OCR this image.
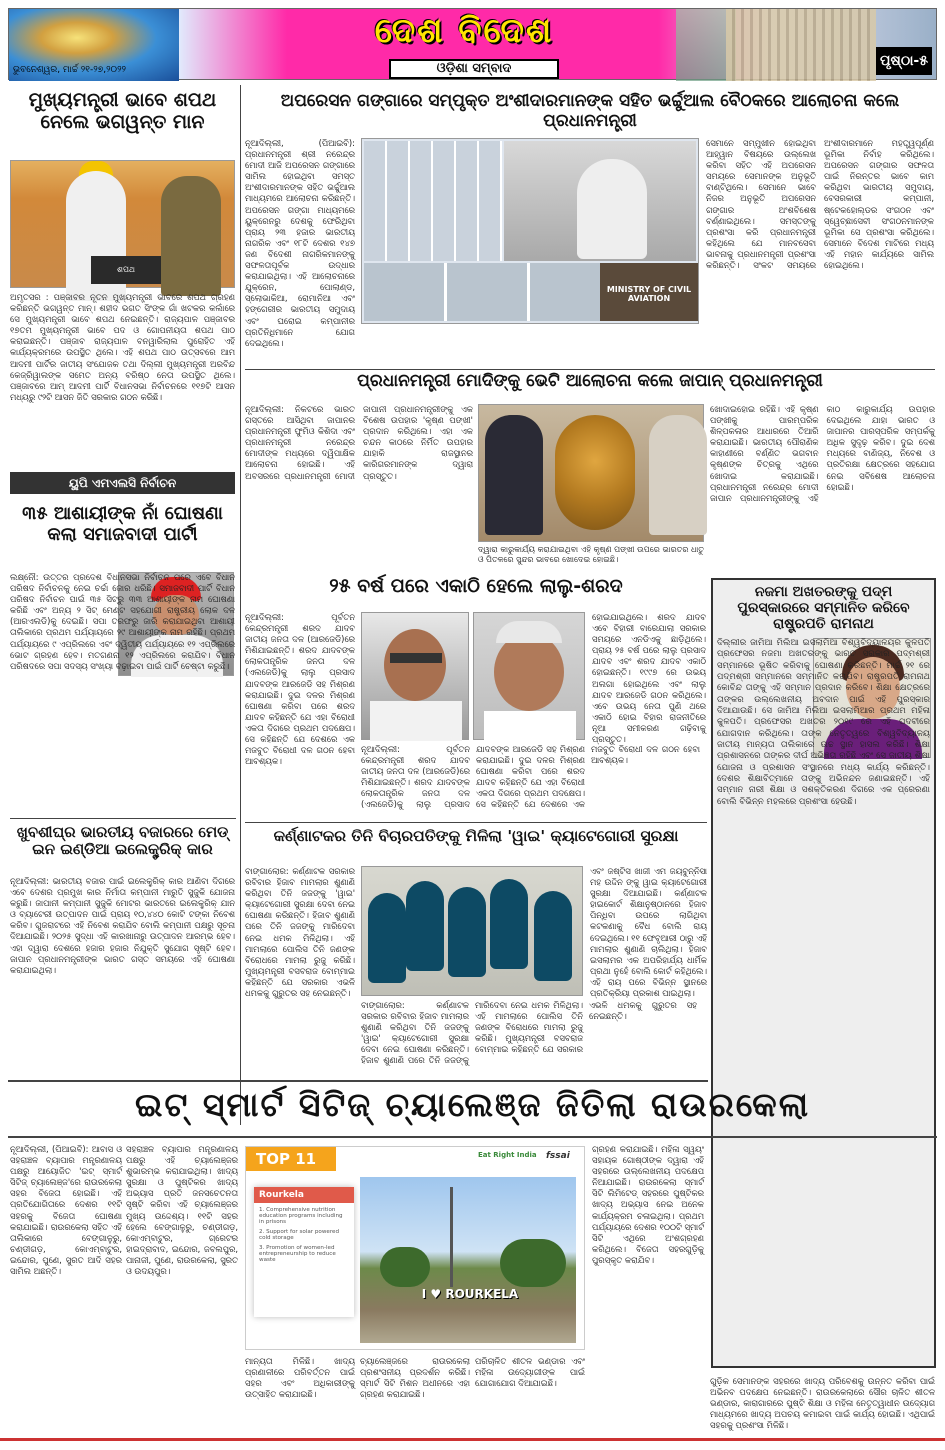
ଦେଶ ବିଦେଶ
ଓଡ଼ିଶା ସମ୍ବାଦ
ଭୁବନେଶ୍ୱର, ମାର୍ଚ୍ଚ ୨୧-୨୭,୨୦୨୨
ପୃଷ୍ଠା-୫
ମୁଖ୍ୟମନ୍ତ୍ରୀ ଭାବେ ଶପଥ ନେଲେ ଭଗୱନ୍ତ ମାନ
ଶପଥ
ଅମୃତସର : ପଞ୍ଜାବର ନୂତନ ମୁଖ୍ୟମନ୍ତ୍ରୀ ଭାବରେ ଶପଥ ଗ୍ରହଣ କରିଛନ୍ତି ଭଗୱନ୍ତ ମାନ୍। ଶହୀଦ ଭଗତ ସିଂଙ୍କ ଗାଁ ଖଟକର କଲାଁରେ ସେ ମୁଖ୍ୟମନ୍ତ୍ରୀ ଭାବେ ଶପଥ ନେଇଛନ୍ତି। ରାଜ୍ୟପାଳ ପଞ୍ଜାବର ୧୭ତମ ମୁଖ୍ୟମନ୍ତ୍ରୀ ଭାବେ ପଦ ଓ ଗୋପନୀୟତା ଶପଥ ପାଠ କରାଇଛନ୍ତି। ପଞ୍ଜାବ ରାଜ୍ୟପାଳ ବନୱାରିଲାଲ ପୁରୋହିତ ଏହି କାର୍ଯ୍ୟକ୍ରମରେ ଉପସ୍ଥିତ ଥିଲେ। ଏହି ଶପଥ ପାଠ ଉତ୍ସବରେ ଆମ ଆଦମୀ ପାର୍ଟିର ଜାତୀୟ ସଂଯୋଜକ ତଥା ଦିଲ୍ଲୀ ମୁଖ୍ୟମନ୍ତ୍ରୀ ଅରବିନ୍ଦ କେଜ୍ରିୱାଲଙ୍କ ସମେତ ଅନ୍ୟ ବରିଷ୍ଠ ନେତା ଉପସ୍ଥିତ ଥିଲେ। ପଞ୍ଜାବରେ ଆମ୍ ଆଦମୀ ପାର୍ଟି ବିଧାନସଭା ନିର୍ବାଚନରେ ୧୧୭ଟି ଆସନ ମଧ୍ୟରୁ ୯୨ଟି ଆସନ ଜିତି ସରକାର ଗଠନ କରିଛି।
ଅପରେସନ ଗଙ୍ଗାରେ ସମ୍ପୃକ୍ତ ଅଂଶୀଦାରମାନଙ୍କ ସହିତ ଭର୍ଚ୍ଚୁଆଲ ବୈଠକରେ ଆଲୋଚନା କଲେ ପ୍ରଧାନମନ୍ତ୍ରୀ
ନୂଆଦିଲ୍ଲୀ, (ପିଆଇବି): ପ୍ରଧାନମନ୍ତ୍ରୀ ଶ୍ରୀ ନରେନ୍ଦ୍ର ମୋଦୀ ଆଜି ଅପରେସନ ଗଙ୍ଗାରେ ସାମିଲ ହୋଇଥିବା ସମସ୍ତ ଅଂଶୀଦାରମାନଙ୍କ ସହିତ ଭର୍ଚ୍ଚୁଆଲ ମାଧ୍ୟମରେ ଆଲୋଚନା କରିଛନ୍ତି। ଅପରେସନ ଗଙ୍ଗା ମାଧ୍ୟମରେ ୟୁକ୍ରେନରୁ ଦେଶକୁ ଫେରିଥିବା ପ୍ରାୟ ୨୩ ହଜାର ଭାରତୀୟ ନାଗରିକ ଏବଂ ୧୮ଟି ଦେଶର ୧୪୭ ଜଣ ବିଦେଶୀ ନାଗରିକମାନଙ୍କୁ ସଫଳତାପୂର୍ବକ ଉଦ୍ଧାର କରାଯାଇଥିଲା। ଏହି ଆଲୋଚନାରେ ଯୁକ୍ରେନ, ପୋଲାଣ୍ଡ, ସ୍ଲୋଭାକିଆ, ରୋମାନିଆ ଏବଂ ହଙ୍ଗେରୀର ଭାରତୀୟ ସମୁଦାୟ ଏବଂ ଘରୋଇ କମ୍ପାନୀର ପ୍ରତିନିଧିମାନେ ଯୋଗ ଦେଇଥିଲେ।
MINISTRY OF CIVIL AVIATION
ସେମାନେ ସମ୍ମୁଖୀନ ହୋଇଥିବା ଆହ୍ୱାନ ବିଷୟରେ ଉଲ୍ଲେଖ କରିବା ସହିତ ଏହି ଅପରେସନ ସମୟରେ ସେମାନଙ୍କ ଅନୁଭୂତି ବାଣ୍ଟିଥିଲେ। ସେମାନେ ଭାବେ ନିଜର ଅନୁଭୂତି ଅପରେସନ ଗଙ୍ଗାର ଅଂଶବିଶେଷ ବର୍ଣ୍ଣାଇଥିଲେ। ସମସ୍ତଙ୍କୁ ପ୍ରଶଂସା କରି ପ୍ରଧାନମନ୍ତ୍ରୀ କହିଥିଲେ ଯେ ମାନବସେବା ଭାବନାକୁ ପ୍ରଧାନମନ୍ତ୍ରୀ ପ୍ରଶଂସା କରିଛନ୍ତି। ସଂକଟ ସମୟରେ ଅଂଶୀଦାରମାନେ ମହତ୍ତ୍ୱପୂର୍ଣ୍ଣ ଭୂମିକା ନିର୍ବାହ କରିଥିଲେ। ଅପରେସନ ଗଙ୍ଗାର ସଫଳତା ପାଇଁ ନିରନ୍ତର ଭାବେ କାମ କରିଥିବା ଭାରତୀୟ ସମୁଦାୟ, ବେସରକାରୀ କମ୍ପାନୀ, ଷ୍ଟେକହୋଲ୍ଡର ସଂଗଠନ ଏବଂ ସ୍ୱେଚ୍ଛାସେବୀ ସଂଗଠନମାନଙ୍କ ଭୂମିକା ସେ ପ୍ରଶଂସା କରିଥିଲେ। ସେମାନେ ବିଦେଶ ମାଟିରେ ମଧ୍ୟ ଏହି ମହାନ କାର୍ଯ୍ୟରେ ସାମିଲ ହୋଇଥିଲେ।
ପ୍ରଧାନମନ୍ତ୍ରୀ ମୋଦିଙ୍କୁ ଭେଟି ଆଲୋଚନା କଲେ ଜାପାନ୍ ପ୍ରଧାନମନ୍ତ୍ରୀ
ନୂଆଦିଲ୍ଲୀ: ନିକଟରେ ଭାରତ ଗସ୍ତରେ ଆସିଥିବା ଜାପାନର ପ୍ରଧାନମନ୍ତ୍ରୀ ଫୁମିଓ କିଶିଦା ଏବଂ ପ୍ରଧାନମନ୍ତ୍ରୀ ନରେନ୍ଦ୍ର ମୋଦୀଙ୍କ ମଧ୍ୟରେ ଦ୍ୱିପାକ୍ଷିକ ଆଲୋଚନା ହୋଇଛି। ଏହି ଅବସରରେ ପ୍ରଧାନମନ୍ତ୍ରୀ ମୋଦୀ ଜାପାନୀ ପ୍ରଧାନମନ୍ତ୍ରୀଙ୍କୁ ଏକ ବିଶେଷ ଉପହାର 'କୃଷ୍ଣ ପଙ୍ଖୀ' ପ୍ରଦାନ କରିଥିଲେ। ଏହା ଏକ ଚନ୍ଦନ କାଠରେ ନିର୍ମିତ ଉପହାର ଯାହାକି ରାଜସ୍ଥାନର କାରିଗରମାନଙ୍କ ଦ୍ୱାରା ପ୍ରସ୍ତୁତ।
ଦ୍ୱାରା କାରୁକାର୍ଯ୍ୟ କରାଯାଇଥିବା ଏହି କୃଷ୍ଣ ପଙ୍ଖୀ ଉପରେ ଭାରତର ଧାତୁ ଓ ପିତଳରେ ସୁନ୍ଦର ଭାବରେ ଖୋଦେଇ ହୋଇଛି।
ଖୋଦାଇହୋଇ ରହିଛି। ଏହି କୃଷ୍ଣ ପଙ୍ଖୀକୁ ପାରମ୍ପରିକ ଶିଳ୍ପକଳାର ଆଧାରରେ ତିଆରି କରାଯାଇଛି। ଭାରତୀୟ ପୌରାଣିକ କାହାଣୀରେ ବର୍ଣ୍ଣିତ ଭଗବାନ କୃଷ୍ଣଙ୍କ ଚିତ୍ରକୁ ଏଥିରେ ଖୋଦାଇ କରାଯାଇଛି। ପ୍ରଧାନମନ୍ତ୍ରୀ ନରେନ୍ଦ୍ର ମୋଦୀ ଜାପାନ ପ୍ରଧାନମନ୍ତ୍ରୀଙ୍କୁ ଏହି କାଠ କାରୁକାର୍ଯ୍ୟ ଉପହାର ଦେଇଥିଲେ ଯାହା ଭାରତ ଓ ଜାପାନର ପାରସ୍ପରିକ ସମ୍ପର୍କକୁ ଅଧିକ ସୁଦୃଢ଼ କରିବ। ଦୁଇ ଦେଶ ମଧ୍ୟରେ ବାଣିଜ୍ୟ, ନିବେଶ ଓ ପ୍ରତିରକ୍ଷା କ୍ଷେତ୍ରରେ ସହଯୋଗ ନେଇ ସବିଶେଷ ଆଲୋଚନା ହୋଇଛି।
ୟୁପି ଏମଏଲସି ନିର୍ବାଚନ
୩୫ ଆଶାୟୀଙ୍କ ନାଁ ଘୋଷଣା କଲା ସମାଜବାଦୀ ପାର୍ଟୀ
ଲକ୍ଷ୍ନୌ: ଉତ୍ତର ପ୍ରଦେଶ ବିଧାନସଭା ନିର୍ବାଚନ ପରେ ଏବେ ବିଧାନ ପରିଷଦ ନିର୍ବାଚନକୁ ନେଇ ଚର୍ଚ୍ଚା ଜୋର ଧରିଛି। ସମାଜବାଦୀ ପାର୍ଟି ବିଧାନ ପରିଷଦ ନିର୍ବାଚନ ପାଇଁ ୩୫ ସିଟ୍ରୁ ୩୩ ଆଶାୟୀଙ୍କ ନାମ ଘୋଷଣା କରିଛି ଏବଂ ଅନ୍ୟ ୨ ସିଟ୍ ମେଣ୍ଟ ସହଯୋଗୀ ରାଷ୍ଟ୍ରୀୟ ଲୋକ ଦଳ (ଆରଏଲଡି)କୁ ଦେଇଛି। ସପା ତରଫରୁ ଜାରି କରାଯାଇଥିବା ଆଶାୟୀ ତାଲିକାରେ ପ୍ରଥମ ପର୍ଯ୍ୟାୟରେ ୨୯ ଆଶାୟୀଙ୍କ ନାମ ରହିଛି। ପ୍ରଥମ ପର୍ଯ୍ୟାୟରେ ୯ ଏପ୍ରିଲରେ ଏବଂ ଦ୍ୱିତୀୟ ପର୍ଯ୍ୟାୟରେ ୧୨ ଏପ୍ରିଲରେ ଭୋଟ ଗ୍ରହଣ ହେବ। ମତଗଣନା ୧୨ ଏପ୍ରିଲରେ କରାଯିବ। ବିଧାନ ପରିଷଦରେ ସପା ସଦସ୍ୟ ସଂଖ୍ୟା ବଢ଼ାଇବା ପାଇଁ ପାର୍ଟି ଚେଷ୍ଟା କରୁଛି।
୨୫ ବର୍ଷ ପରେ ଏକାଠି ହେଲେ ଲାଲୁ-ଶରଦ
ନୂଆଦିଲ୍ଲୀ: ପୂର୍ବତନ କେନ୍ଦ୍ରମନ୍ତ୍ରୀ ଶରଦ ଯାଦବ ଜାତୀୟ ଜନତା ଦଳ (ଆରଜେଡି)ରେ ମିଶିଯାଇଛନ୍ତି। ଶରଦ ଯାଦବଙ୍କ ଲୋକତାନ୍ତ୍ରିକ ଜନତା ଦଳ (ଏଲଜେଡି)କୁ ଲାଲୁ ପ୍ରସାଦ ଯାଦବଙ୍କ ଆରଜେଡି ସହ ମିଶ୍ରଣ କରାଯାଇଛି। ଦୁଇ ଦଳର ମିଶ୍ରଣ ଘୋଷଣା କରିବା ପରେ ଶରଦ ଯାଦବ କହିଛନ୍ତି ଯେ ଏହା ବିରୋଧୀ ଏକତା ଦିଗରେ ପ୍ରଥମ ପଦକ୍ଷେପ। ସେ କହିଛନ୍ତି ଯେ ଦେଶରେ ଏକ ମଜବୁତ ବିରୋଧୀ ଦଳ ଗଠନ ହେବା ଆବଶ୍ୟକ।
ହୋଇଯାଇଥିଲେ। ଶରଦ ଯାଦବ ଏବେ ବିହାରୀ ବାରେଯାଲା ସରକାର ସମୟରେ ଏନଡିଏକୁ ଛାଡ଼ିଥିଲେ। ପ୍ରାୟ ୨୫ ବର୍ଷ ପରେ ଲାଲୁ ପ୍ରସାଦ ଯାଦବ ଏବଂ ଶରଦ ଯାଦବ ଏକାଠି ହୋଇଛନ୍ତି। ୧୯୯୭ ରେ ଉଭୟ ଅଲଗା ହୋଇଥିଲେ ଏବଂ ଲାଲୁ ଯାଦବ ଆରଜେଡି ଗଠନ କରିଥିଲେ। ଏବେ ଉଭୟ ନେତା ପୁଣି ଥରେ ଏକାଠି ହୋଇ ବିହାର ରାଜନୀତିରେ ନୂଆ ସମୀକରଣ ଗଢ଼ିବାକୁ ପ୍ରସ୍ତୁତ।
ନୂଆଦିଲ୍ଲୀ: ପୂର୍ବତନ କେନ୍ଦ୍ରମନ୍ତ୍ରୀ ଶରଦ ଯାଦବ ଜାତୀୟ ଜନତା ଦଳ (ଆରଜେଡି)ରେ ମିଶିଯାଇଛନ୍ତି। ଶରଦ ଯାଦବଙ୍କ ଲୋକତାନ୍ତ୍ରିକ ଜନତା ଦଳ (ଏଲଜେଡି)କୁ ଲାଲୁ ପ୍ରସାଦ ଯାଦବଙ୍କ ଆରଜେଡି ସହ ମିଶ୍ରଣ କରାଯାଇଛି। ଦୁଇ ଦଳର ମିଶ୍ରଣ ଘୋଷଣା କରିବା ପରେ ଶରଦ ଯାଦବ କହିଛନ୍ତି ଯେ ଏହା ବିରୋଧୀ ଏକତା ଦିଗରେ ପ୍ରଥମ ପଦକ୍ଷେପ। ସେ କହିଛନ୍ତି ଯେ ଦେଶରେ ଏକ ମଜବୁତ ବିରୋଧୀ ଦଳ ଗଠନ ହେବା ଆବଶ୍ୟକ।
ନଜମା ଅଖତରଙ୍କୁ ପଦ୍ମ ପୁରସ୍କାରରେ ସମ୍ମାନିତ କରିବେ ରାଷ୍ଟ୍ରପତି ରାମନାଥ
ଦିଲ୍ଲୀର ଜାମିଆ ମିଲିଆ ଇସଲାମିଆ ବିଶ୍ୱବିଦ୍ୟାଳୟର କୁଳପତି ପ୍ରଫେସର ନଜମା ଅଖତରଙ୍କୁ ଭାରତ ସରକାର ପଦ୍ମଶ୍ରୀ ସମ୍ମାନରେ ଭୂଷିତ କରିବାକୁ ଘୋଷଣା କରିଛନ୍ତି। ମାର୍ଚ୍ଚ ୨୧ ରେ ପଦ୍ମଶ୍ରୀ ସମ୍ମାନରେ ସମ୍ମାନିତ କରାଯିବ। ରାଷ୍ଟ୍ରପତି ରାମନାଥ କୋବିନ୍ଦ ତାଙ୍କୁ ଏହି ସମ୍ମାନ ପ୍ରଦାନ କରିବେ। ଶିକ୍ଷା କ୍ଷେତ୍ରରେ ତାଙ୍କର ଉଲ୍ଲେଖନୀୟ ଅବଦାନ ପାଇଁ ଏହି ପୁରସ୍କାର ଦିଆଯାଉଛି। ସେ ଜାମିଆ ମିଲିଆ ଇସଲାମିଆର ପ୍ରଥମ ମହିଳା କୁଳପତି। ପ୍ରଫେସର ଅଖତର ୨୦୧୯ ରେ ଏହି ପଦବୀରେ ଯୋଗଦାନ କରିଥିଲେ। ତାଙ୍କ ନେତୃତ୍ୱରେ ବିଶ୍ୱବିଦ୍ୟାଳୟ ଜାତୀୟ ମାନ୍ୟତା ତାଲିକାରେ ଉଚ୍ଚ ସ୍ଥାନ ହାସଲ କରିଛି। ଶିକ୍ଷା ପ୍ରଶାସନରେ ତାଙ୍କର ଦୀର୍ଘ ଅଭିଜ୍ଞତା ରହିଛି ଏବଂ ସେ ଜାତୀୟ ଶିକ୍ଷା ଯୋଜନା ଓ ପ୍ରଶାସନ ସଂସ୍ଥାନରେ ମଧ୍ୟ କାର୍ଯ୍ୟ କରିଛନ୍ତି। ଦେଶର ଶିକ୍ଷାବିତ୍ମାନେ ତାଙ୍କୁ ଅଭିନନ୍ଦନ ଜଣାଇଛନ୍ତି। ଏହି ସମ୍ମାନ ନାରୀ ଶିକ୍ଷା ଓ ସଶକ୍ତିକରଣ ଦିଗରେ ଏକ ପ୍ରେରଣା ବୋଲି ବିଭିନ୍ନ ମହଲରେ ପ୍ରଶଂସା ହେଉଛି।
ଖୁବଶୀଘ୍ର ଭାରତୀୟ ବଜାରରେ ମେଡ୍ ଇନ ଇଣ୍ଡିଆ ଇଲେକ୍ଟ୍ରିକ୍ କାର
ନୂଆଦିଲ୍ଲୀ: ଭାରତୀୟ ବଜାର ପାଇଁ ଇଲେକ୍ଟ୍ରିକ୍ କାର ଆଣିବା ଦିଗରେ ଏବେ ଦେଶର ପ୍ରମୁଖ କାର ନିର୍ମାତା କମ୍ପାନୀ ମାରୁତି ସୁଜୁକି ଯୋଜନା କରୁଛି। ଜାପାନୀ କମ୍ପାନୀ ସୁଜୁକି ମୋଟର ଭାରତରେ ଇଲେକ୍ଟ୍ରିକ୍ ଯାନ ଓ ବ୍ୟାଟେରୀ ଉତ୍ପାଦନ ପାଇଁ ପ୍ରାୟ ୧୦,୪୪୦ କୋଟି ଟଙ୍କା ନିବେଶ କରିବ। ଗୁଜରାଟରେ ଏହି ନିବେଶ କରାଯିବ ବୋଲି କମ୍ପାନୀ ପକ୍ଷରୁ ସୂଚନା ଦିଆଯାଇଛି। ୨୦୨୫ ସୁଦ୍ଧା ଏହି କାରଖାନାରୁ ଉତ୍ପାଦନ ଆରମ୍ଭ ହେବ। ଏହା ଦ୍ୱାରା ଦେଶରେ ହଜାର ହଜାର ନିଯୁକ୍ତି ସୁଯୋଗ ସୃଷ୍ଟି ହେବ। ଜାପାନ ପ୍ରଧାନମନ୍ତ୍ରୀଙ୍କ ଭାରତ ଗସ୍ତ ସମୟରେ ଏହି ଘୋଷଣା କରାଯାଇଥିଲା।
କର୍ଣ୍ଣାଟକର ତିନି ବିଚାରପତିଙ୍କୁ ମିଳିଲା 'ୱାଇ' କ୍ୟାଟେଗୋରୀ ସୁରକ୍ଷା
ବାଙ୍ଗାଲୋର: କର୍ଣ୍ଣାଟକ ସରକାର ରବିବାର ହିଜାବ ମାମଲାର ଶୁଣାଣି କରିଥିବା ତିନି ଜଜଙ୍କୁ 'ୱାଇ' କ୍ୟାଟେଗୋରୀ ସୁରକ୍ଷା ଦେବା ନେଇ ଘୋଷଣା କରିଛନ୍ତି। ହିଜାବ ଶୁଣାଣି ପରେ ତିନି ଜଜଙ୍କୁ ମାରିଦେବା ନେଇ ଧମକ ମିଳିଥିଲା। ଏହି ମାମଲାରେ ପୋଲିସ ତିନି ଜଣଙ୍କ ବିରୋଧରେ ମାମଲା ରୁଜୁ କରିଛି। ମୁଖ୍ୟମନ୍ତ୍ରୀ ବସବରାଜ ବୋମ୍ମାଇ କହିଛନ୍ତି ଯେ ସରକାର ଏଭଳି ଧମକକୁ ଗୁରୁତର ସହ ନେଇଛନ୍ତି।
ଏବଂ ଜଷ୍ଟିସ ଖାଜୀ ଏମ ଜୟବୁନ୍ନିସା ମହ ଉଦ୍ଦିନ ଙ୍କୁ ୱାଇ କ୍ୟାଟେଗୋରୀ ସୁରକ୍ଷା ଦିଆଯାଇଛି। କର୍ଣ୍ଣାଟକ ହାଇକୋର୍ଟ ଶିକ୍ଷାନୁଷ୍ଠାନରେ ହିଜାବ ପିନ୍ଧିବା ଉପରେ ଲାଗିଥିବା କଟକଣାକୁ ବୈଧ ବୋଲି ରାୟ ଦେଇଥିଲେ। ୧୧ ଫେବୃଆରୀ ଠାରୁ ଏହି ମାମଲାର ଶୁଣାଣି ଚାଲିଥିଲା। ହିଜାବ ଇସଲାମର ଏକ ଅପରିହାର୍ଯ୍ୟ ଧାର୍ମିକ ପ୍ରଥା ନୁହେଁ ବୋଲି କୋର୍ଟ କହିଥିଲେ। ଏହି ରାୟ ପରେ ବିଭିନ୍ନ ସ୍ଥାନରେ ପ୍ରତିକ୍ରିୟା ପ୍ରକାଶ ପାଇଥିଲା।
ବାଙ୍ଗାଲୋର: କର୍ଣ୍ଣାଟକ ସରକାର ରବିବାର ହିଜାବ ମାମଲାର ଶୁଣାଣି କରିଥିବା ତିନି ଜଜଙ୍କୁ 'ୱାଇ' କ୍ୟାଟେଗୋରୀ ସୁରକ୍ଷା ଦେବା ନେଇ ଘୋଷଣା କରିଛନ୍ତି। ହିଜାବ ଶୁଣାଣି ପରେ ତିନି ଜଜଙ୍କୁ ମାରିଦେବା ନେଇ ଧମକ ମିଳିଥିଲା। ଏହି ମାମଲାରେ ପୋଲିସ ତିନି ଜଣଙ୍କ ବିରୋଧରେ ମାମଲା ରୁଜୁ କରିଛି। ମୁଖ୍ୟମନ୍ତ୍ରୀ ବସବରାଜ ବୋମ୍ମାଇ କହିଛନ୍ତି ଯେ ସରକାର ଏଭଳି ଧମକକୁ ଗୁରୁତର ସହ ନେଇଛନ୍ତି।
ଇଟ୍ ସ୍ମାର୍ଟ ସିଟିଜ୍ ଚ୍ୟାଲେଞ୍ଜ ଜିତିଲା ରାଉରକେଲା
ନୂଆଦିଲ୍ଲୀ, (ପିଆଇବି): ଆବାସ ଓ ସହରାଞ୍ଚଳ ବ୍ୟାପାର ମନ୍ତ୍ରଣାଳୟ ପକ୍ଷରୁ ଆୟୋଜିତ 'ଇଟ୍ ସ୍ମାର୍ଟ ସିଟିଜ୍ ଚ୍ୟାଲେଞ୍ଜ'ରେ ରାଉରକେଲା ସହର ବିଜେତା ହୋଇଛି। ଏହି ପ୍ରତିଯୋଗିତାରେ ଦେଶର ୧୧ଟି ସହରକୁ ବିଜେତା ଘୋଷଣା କରାଯାଇଛି। ରାଉରକେଲା ସହିତ ଏହି ତାଲିକାରେ ବେଙ୍ଗାଳୁରୁ, ଚଣ୍ଡୀଗଡ଼, କୋଏମ୍ବାଟୁର, ଇନ୍ଦୋର, ପୁଣେ, ସୁରତ ଆଦି ସହର ସାମିଲ ଅଛନ୍ତି।
ସହରାଞ୍ଚଳ ବ୍ୟାପାର ମନ୍ତ୍ରଣାଳୟ ପକ୍ଷରୁ ଏହି ଚ୍ୟାଲେଞ୍ଜର ଶୁଭାରମ୍ଭ କରାଯାଇଥିଲା। ଖାଦ୍ୟ ସୁରକ୍ଷା ଓ ପୁଷ୍ଟିକର ଖାଦ୍ୟ ଅଭ୍ୟାସ ପ୍ରତି ଜନସଚେତନତା ସୃଷ୍ଟି କରିବା ଏହି ଚ୍ୟାଲେଞ୍ଜର ମୁଖ୍ୟ ଉଦ୍ଦେଶ୍ୟ। ୧୧ଟି ସହର ହେଲେ ବେଙ୍ଗାଳୁରୁ, ଚଣ୍ଡୀଗଡ଼, କୋଏମ୍ବାଟୁର, ଗ୍ରେଟର ହାଇଦ୍ରାବାଦ, ଇନ୍ଦୋର, ଜବଲପୁର, ପାନାଜୀ, ପୁଣେ, ରାଉରକେଲା, ସୁରତ ଓ ଉଦୟପୁର।
TOP 11	Eat Right India fssai
Rourkela
1. Comprehensive nutrition education programs including in prisons
2. Support for solar powered cold storage
3. Promotion of women-led entrepreneurship to reduce waste
I ♥ ROURKELA
ମାନ୍ୟତା ମିଳିଛି। ଖାଦ୍ୟ ପ୍ରଣାଳୀରେ ପରିବର୍ତ୍ତନ ପାଇଁ ସହର ଏବଂ ଅଧିକାରୀଙ୍କୁ ଉତ୍ସାହିତ କରାଯାଇଛି।
ଚ୍ୟାଲେଞ୍ଜରେ ରାଉରକେଲା ପ୍ରଶଂସନୀୟ ପ୍ରଦର୍ଶନ କରିଛି। ସ୍ମାର୍ଟ ସିଟି ମିଶନ ଅଧୀନରେ ଏହା ଗ୍ରହଣ କରାଯାଇଛି।
ପରିଚାଳିତ ଶୀତଳ ଭଣ୍ଡାର ଏବଂ ମହିଳା ଉଦ୍ୟୋଗୀଙ୍କ ପାଇଁ ଯୋଗାଯୋଗ ଦିଆଯାଇଛି।
ଗ୍ରହଣ କରାଯାଇଛି। ମହିଳା ସ୍ୱୟଂ ସହାୟକ ଗୋଷ୍ଠୀଙ୍କ ଦ୍ୱାରା ଏହି ସହରରେ ଉଲ୍ଲେଖନୀୟ ପଦକ୍ଷେପ ନିଆଯାଇଛି। ରାଉରକେଲା ସ୍ମାର୍ଟ ସିଟି ଲିମିଟେଡ୍ ସହରରେ ପୁଷ୍ଟିକର ଖାଦ୍ୟ ଅଭ୍ୟାସ ନେଇ ଅନେକ କାର୍ଯ୍ୟକ୍ରମ ଚଳାଇଥିଲା। ପ୍ରଥମ ପର୍ଯ୍ୟାୟରେ ଦେଶର ୧୦୦ଟି ସ୍ମାର୍ଟ ସିଟି ଏଥିରେ ଅଂଶଗ୍ରହଣ କରିଥିଲେ। ବିଜେତା ସହରଗୁଡ଼ିକୁ ପୁରସ୍କୃତ କରାଯିବ।
ଗୁଡ଼ିକ ସେମାନଙ୍କ ସହରରେ ଖାଦ୍ୟ ପରିବେଶକୁ ଉନ୍ନତ କରିବା ପାଇଁ ଅଭିନବ ପଦକ୍ଷେପ ନେଇଛନ୍ତି। ରାଉରକେଲାରେ ସୌର ଚାଳିତ ଶୀତଳ ଭଣ୍ଡାର, କାରାଗାରରେ ପୁଷ୍ଟି ଶିକ୍ଷା ଓ ମହିଳା ନେତୃତ୍ୱାଧୀନ ଉଦ୍ୟୋଗ ମାଧ୍ୟମରେ ଖାଦ୍ୟ ଅପଚୟ କମାଇବା ପାଇଁ କାର୍ଯ୍ୟ ହୋଇଛି। ଏଥିପାଇଁ ସହରକୁ ପ୍ରଶଂସା ମିଳିଛି।
